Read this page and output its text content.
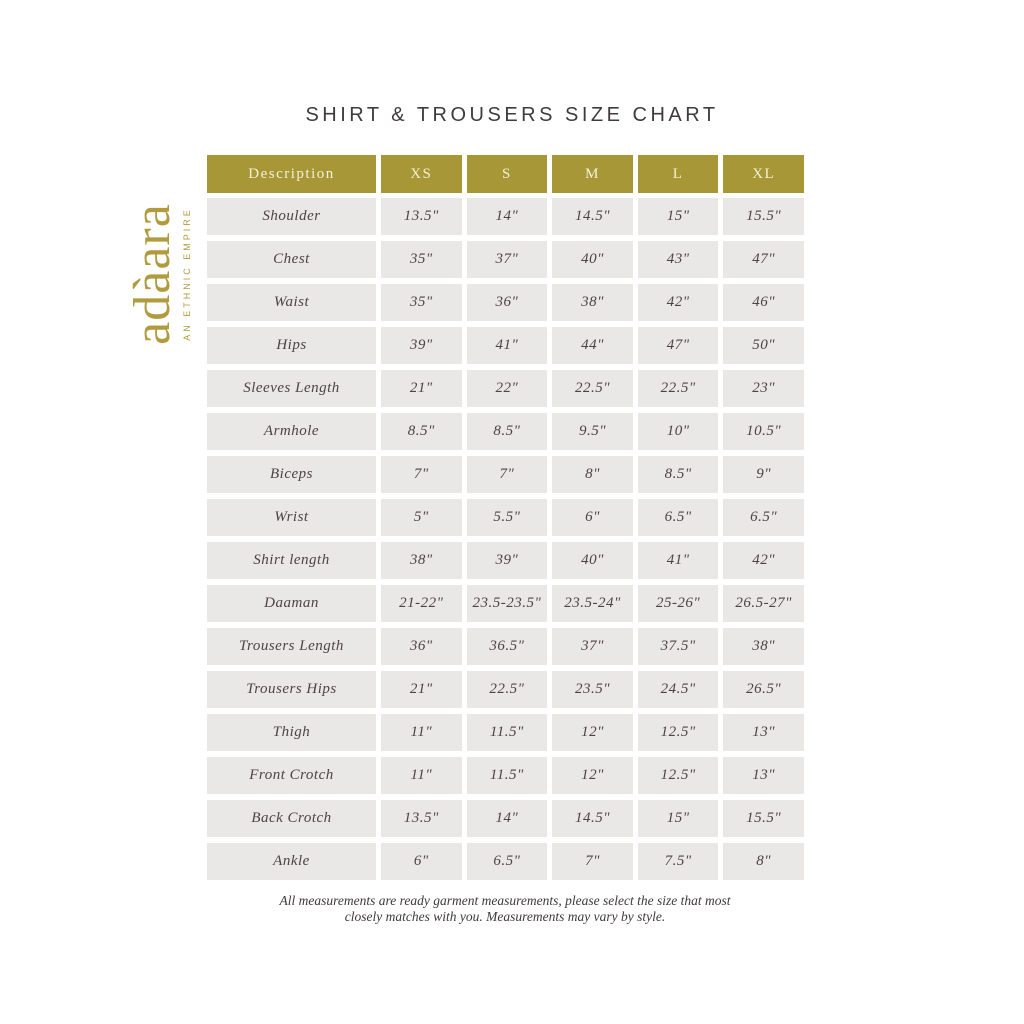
SHIRT & TROUSERS SIZE CHART
adàara AN ETHNIC EMPIRE
Description	XS	S	M	L	XL
Shoulder	13.5"	14"	14.5"	15"	15.5"
Chest	35"	37"	40"	43"	47"
Waist	35"	36"	38"	42"	46"
Hips	39"	41"	44"	47"	50"
Sleeves Length	21"	22"	22.5"	22.5"	23"
Armhole	8.5"	8.5"	9.5"	10"	10.5"
Biceps	7"	7"	8"	8.5"	9"
Wrist	5"	5.5"	6"	6.5"	6.5"
Shirt length	38"	39"	40"	41"	42"
Daaman	21-22"	23.5-23.5"	23.5-24"	25-26"	26.5-27"
Trousers Length	36"	36.5"	37"	37.5"	38"
Trousers Hips	21"	22.5"	23.5"	24.5"	26.5"
Thigh	11"	11.5"	12"	12.5"	13"
Front Crotch	11"	11.5"	12"	12.5"	13"
Back Crotch	13.5"	14"	14.5"	15"	15.5"
Ankle	6"	6.5"	7"	7.5"	8"
All measurements are ready garment measurements, please select the size that most
closely matches with you. Measurements may vary by style.
